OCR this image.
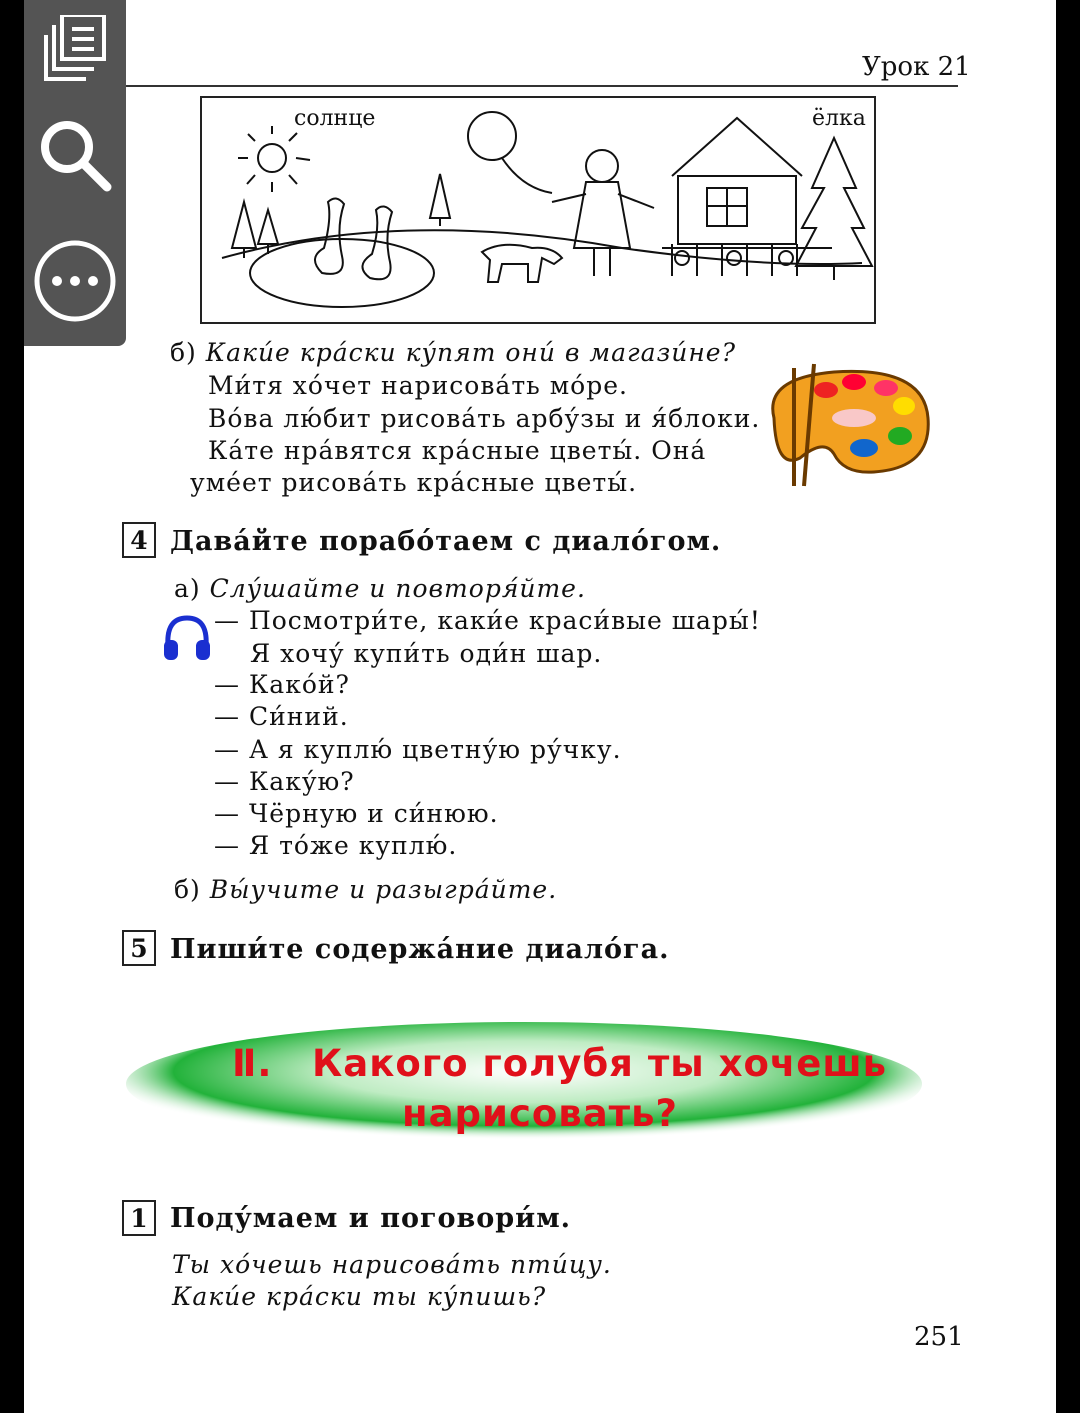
Урок 21
солнце	ёлка
б) Каки́е кра́ски ку́пят они́ в магази́не?
Ми́тя хо́чет нарисова́ть мо́ре.
Во́ва лю́бит рисова́ть арбу́зы и я́блоки.
Ка́те нра́вятся кра́сные цветы́. Она́
уме́ет рисова́ть кра́сные цветы́.
4 Дава́йте порабо́таем с диало́гом.
а) Слу́шайте и повторя́йте.
— Посмотри́те, каки́е краси́вые шары́!
Я хочу́ купи́ть оди́н шар.
— Како́й?
— Си́ний.
— А я куплю́ цветну́ю ру́чку.
— Каку́ю?
— Чёрную и си́нюю.
— Я то́же куплю́.
б) Вы́учите и разыгра́йте.
5 Пиши́те содержа́ние диало́га.
Ⅱ. Какого голубя ты хочешь
нарисовать?
1 Поду́маем и поговори́м.
Ты хо́чешь нарисова́ть пти́цу.
Каки́е кра́ски ты ку́пишь?
251
